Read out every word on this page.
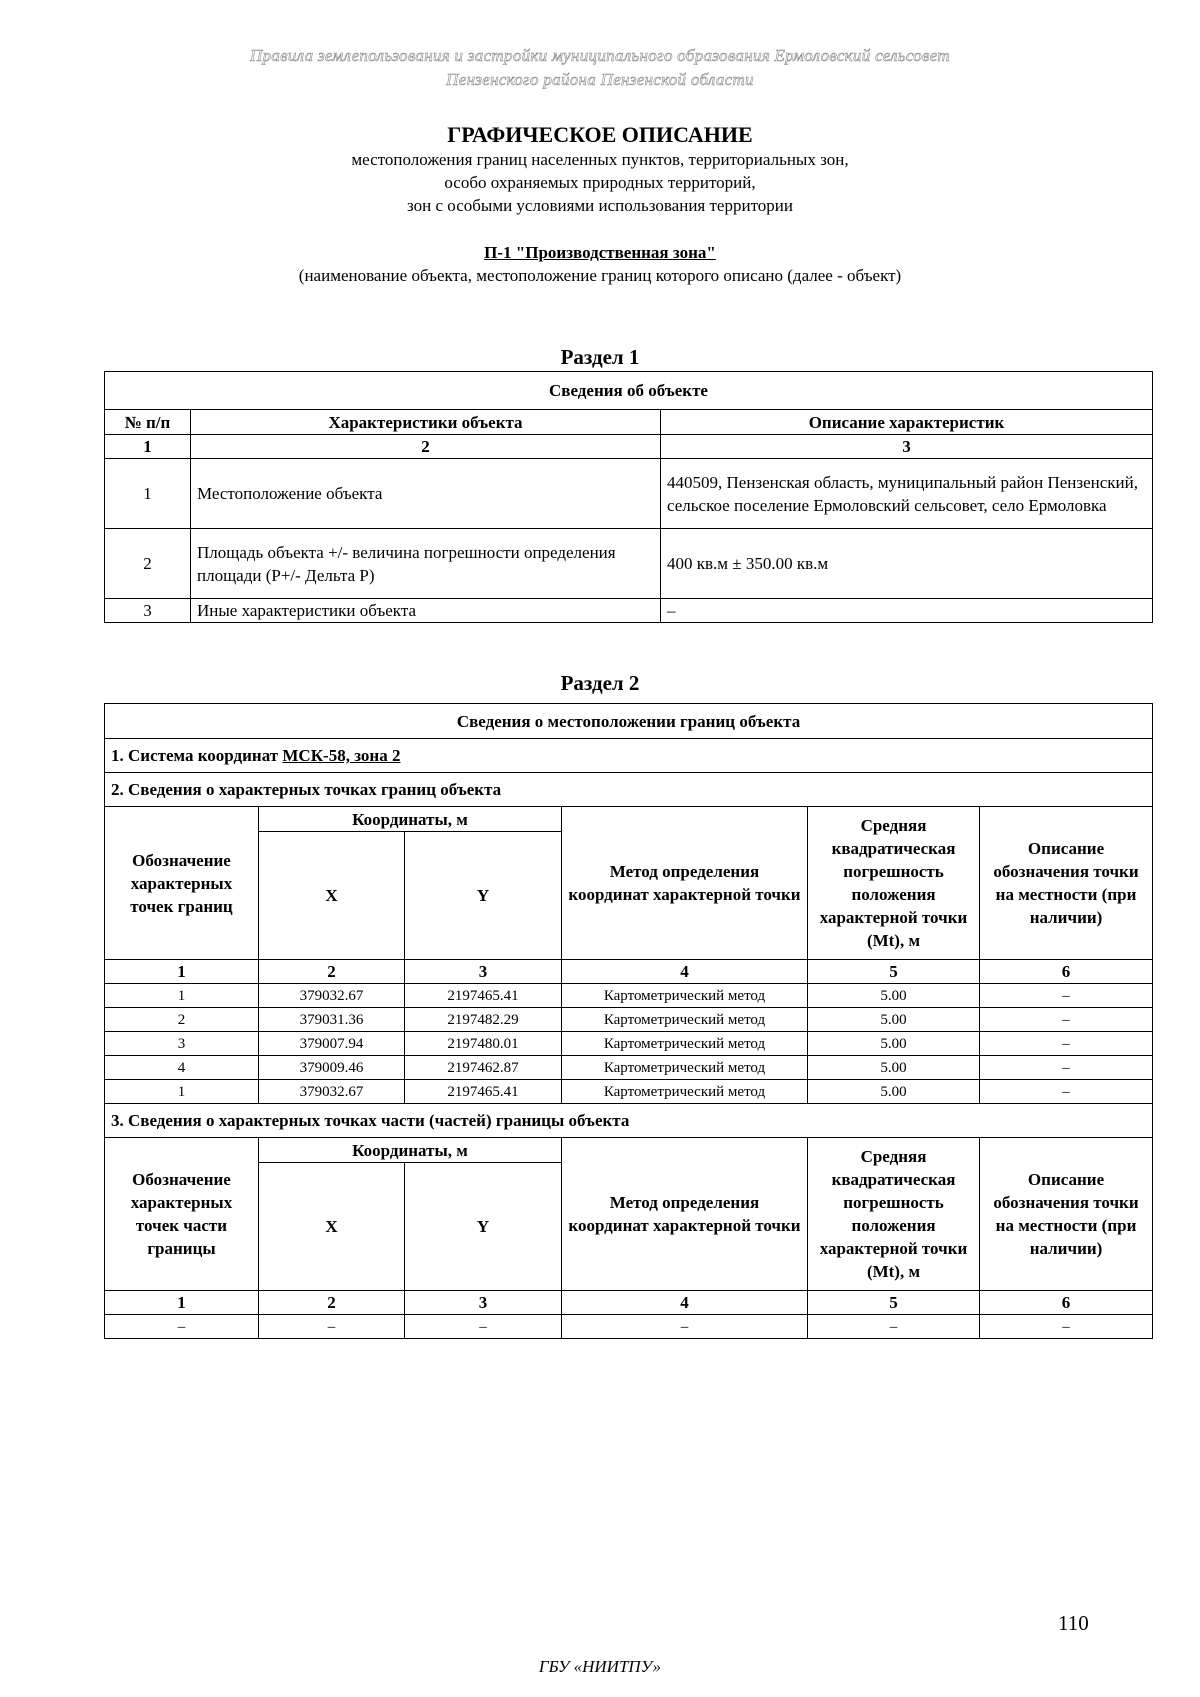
Правила землепользования и застройки муниципального образования Ермоловский сельсовет
Пензенского района Пензенской области
ГРАФИЧЕСКОЕ ОПИСАНИЕ
местоположения границ населенных пунктов, территориальных зон,
особо охраняемых природных территорий,
зон с особыми условиями использования территории
П-1 "Производственная зона"
(наименование объекта, местоположение границ которого описано (далее - объект)
Раздел 1
Сведения об объекте		
№ п/п	Характеристики объекта	Описание характеристик
1	2	3
1	Местоположение объекта	440509, Пензенская область, муниципальный район Пензенский, сельское поселение Ермоловский сельсовет, село Ермоловка
2	Площадь объекта +/- величина погрешности определения площади (Р+/- Дельта Р)	400 кв.м ± 350.00 кв.м
3	Иные характеристики объекта	–
Раздел 2
Сведения о местоположении границ объекта					
1. Система координат МСК-58, зона 2					
2. Сведения о характерных точках границ объекта					
Обозначение характерных точек границ	Координаты, м		Метод определения координат характерной точки	Средняя квадратическая погрешность положения характерной точки (Mt), м	Описание обозначения точки на местности (при наличии)
	X	Y			
1	2	3	4	5	6
1	379032.67	2197465.41	Картометрический метод	5.00	–
2	379031.36	2197482.29	Картометрический метод	5.00	–
3	379007.94	2197480.01	Картометрический метод	5.00	–
4	379009.46	2197462.87	Картометрический метод	5.00	–
1	379032.67	2197465.41	Картометрический метод	5.00	–
3. Сведения о характерных точках части (частей) границы объекта					
Обозначение характерных точек части границы	Координаты, м		Метод определения координат характерной точки	Средняя квадратическая погрешность положения характерной точки (Mt), м	Описание обозначения точки на местности (при наличии)
	X	Y			
1	2	3	4	5	6
–	–	–	–	–	–
110
ГБУ «НИИТПУ»
